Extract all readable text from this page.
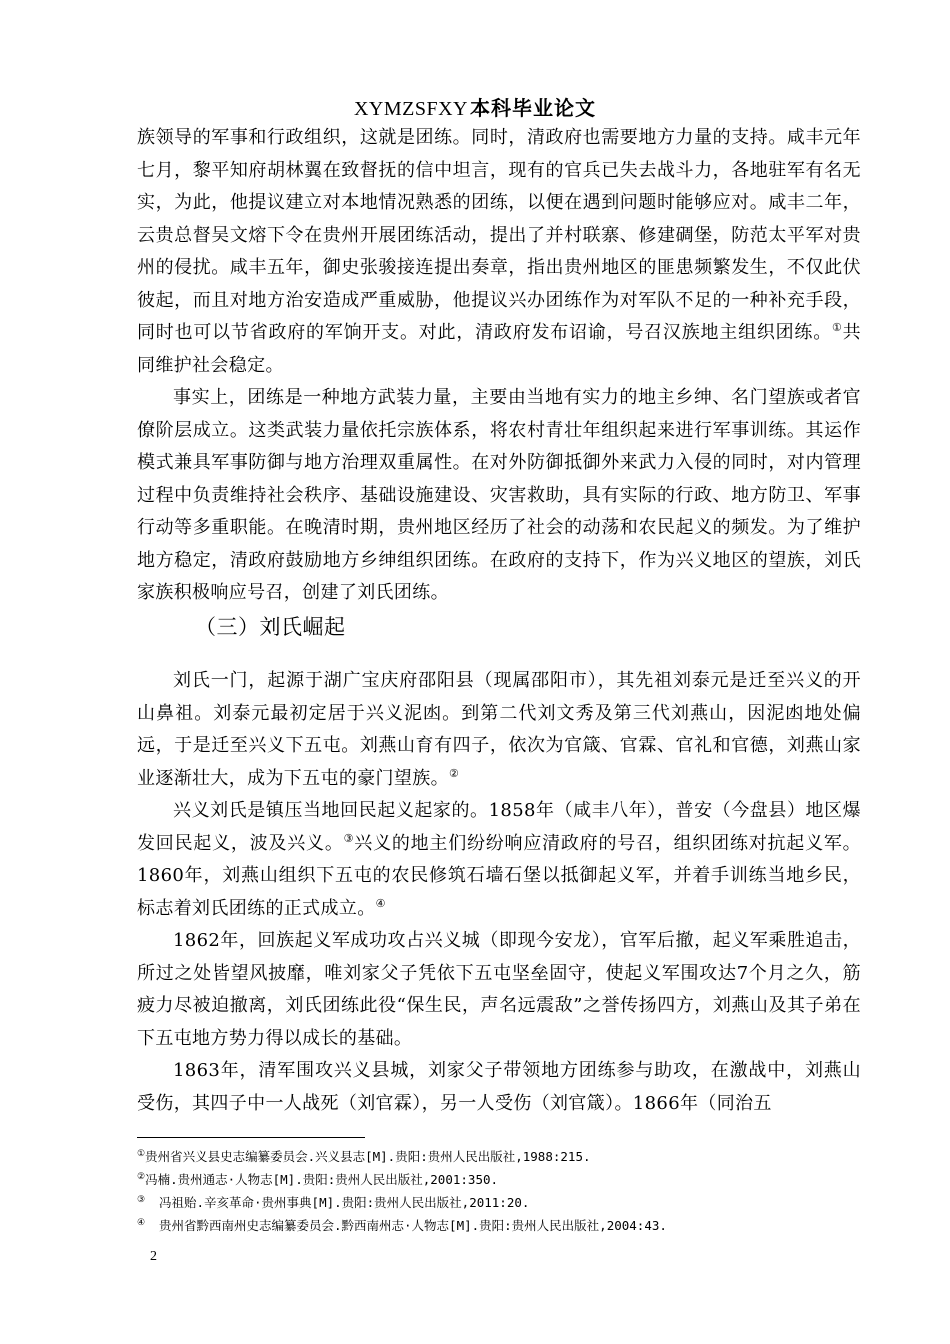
XYMZSFXY 本科毕业论文

族领导的军事和行政组织，这就是团练。同时，清政府也需要地方力量的支持。咸丰元年七月，黎平知府胡林翼在致督抚的信中坦言，现有的官兵已失去战斗力，各地驻军有名无实，为此，他提议建立对本地情况熟悉的团练，以便在遇到问题时能够应对。咸丰二年，云贵总督吴文熔下令在贵州开展团练活动，提出了并村联寨、修建碉堡，防范太平军对贵州的侵扰。咸丰五年，御史张骏接连提出奏章，指出贵州地区的匪患频繁发生，不仅此伏彼起，而且对地方治安造成严重威胁，他提议兴办团练作为对军队不足的一种补充手段，同时也可以节省政府的军饷开支。对此，清政府发布诏谕，号召汉族地主组织团练。①共同维护社会稳定。

事实上，团练是一种地方武装力量，主要由当地有实力的地主乡绅、名门望族或者官僚阶层成立。这类武装力量依托宗族体系，将农村青壮年组织起来进行军事训练。其运作模式兼具军事防御与地方治理双重属性。在对外防御抵御外来武力入侵的同时，对内管理过程中负责维持社会秩序、基础设施建设、灾害救助，具有实际的行政、地方防卫、军事行动等多重职能。在晚清时期，贵州地区经历了社会的动荡和农民起义的频发。为了维护地方稳定，清政府鼓励地方乡绅组织团练。在政府的支持下，作为兴义地区的望族，刘氏家族积极响应号召，创建了刘氏团练。

（三）刘氏崛起

刘氏一门，起源于湖广宝庆府邵阳县（现属邵阳市），其先祖刘泰元是迁至兴义的开山鼻祖。刘泰元最初定居于兴义泥凼。到第二代刘文秀及第三代刘燕山，因泥凼地处偏远，于是迁至兴义下五屯。刘燕山育有四子，依次为官箴、官霖、官礼和官德，刘燕山家业逐渐壮大，成为下五屯的豪门望族。②

兴义刘氏是镇压当地回民起义起家的。1858年（咸丰八年），普安（今盘县）地区爆发回民起义，波及兴义。③兴义的地主们纷纷响应清政府的号召，组织团练对抗起义军。1860年，刘燕山组织下五屯的农民修筑石墙石堡以抵御起义军，并着手训练当地乡民，标志着刘氏团练的正式成立。④

1862年，回族起义军成功攻占兴义城（即现今安龙），官军后撤，起义军乘胜追击，所过之处皆望风披靡，唯刘家父子凭依下五屯坚垒固守，使起义军围攻达7个月之久，筋疲力尽被迫撤离，刘氏团练此役“保生民，声名远震敌”之誉传扬四方，刘燕山及其子弟在下五屯地方势力得以成长的基础。

1863年，清军围攻兴义县城，刘家父子带领地方团练参与助攻，在激战中，刘燕山受伤，其四子中一人战死（刘官霖），另一人受伤（刘官箴）。1866年（同治五

①贵州省兴义县史志编纂委员会.兴义县志[M].贵阳:贵州人民出版社,1988:215.
②冯楠.贵州通志·人物志[M].贵阳:贵州人民出版社,2001:350.
③ 冯祖贻.辛亥革命·贵州事典[M].贵阳:贵州人民出版社,2011:20.
④ 贵州省黔西南州史志编纂委员会.黔西南州志·人物志[M].贵阳:贵州人民出版社,2004:43.
2
